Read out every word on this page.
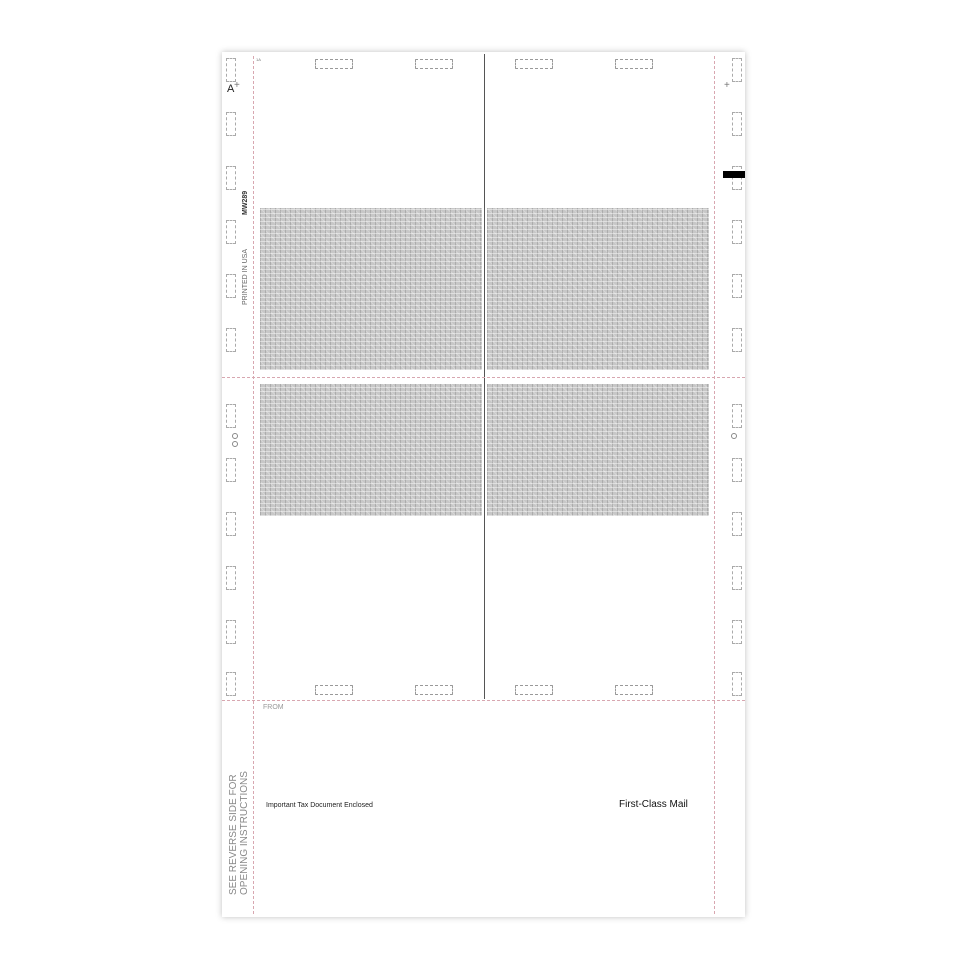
+	+
A
1A
MW289
PRINTED IN USA
FROM
Important Tax Document Enclosed	First-Class Mail
SEE REVERSE SIDE FOR OPENING INSTRUCTIONS
